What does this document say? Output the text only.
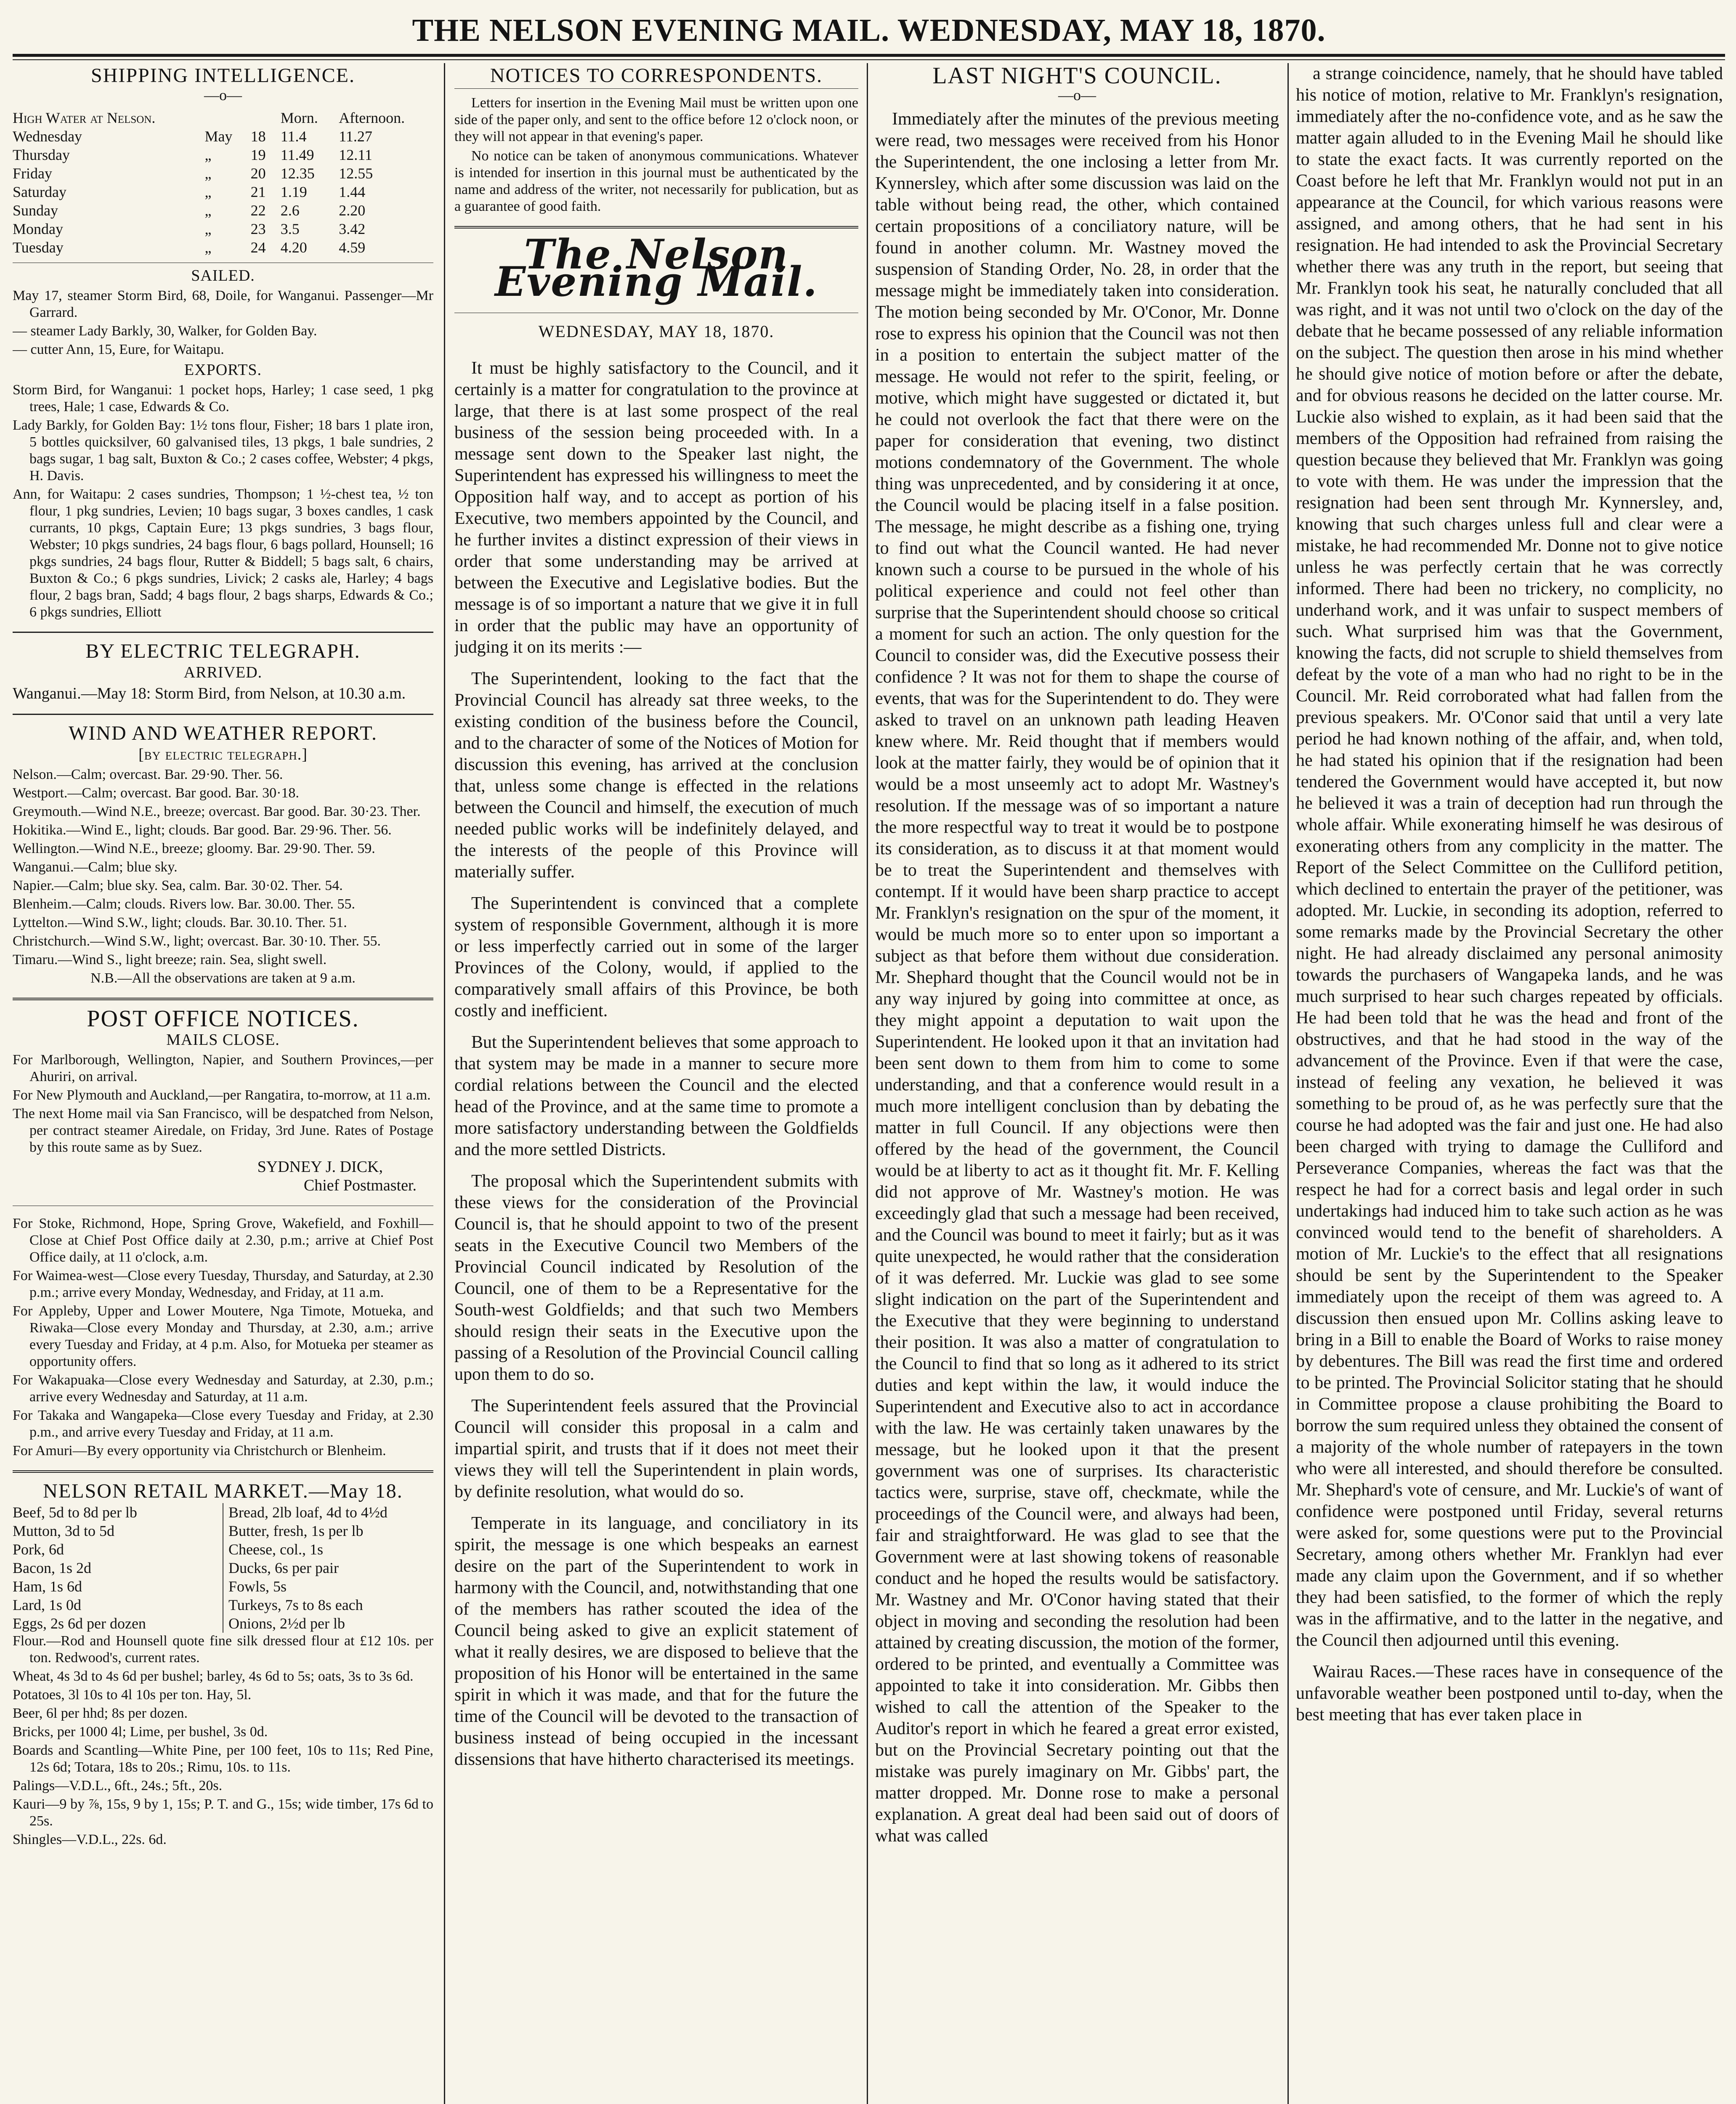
THE NELSON EVENING MAIL. WEDNESDAY, MAY 18, 1870.
SHIPPING INTELLIGENCE.
—o—
High Water at Nelson.			Morn.	Afternoon.
Wednesday	May	18	11.4	11.27
Thursday	„	19	11.49	12.11
Friday	„	20	12.35	12.55
Saturday	„	21	1.19	1.44
Sunday	„	22	2.6	2.20
Monday	„	23	3.5	3.42
Tuesday	„	24	4.20	4.59
SAILED.
May 17, steamer Storm Bird, 68, Doile, for Wanganui. Passenger—Mr Garrard.
— steamer Lady Barkly, 30, Walker, for Golden Bay.
— cutter Ann, 15, Eure, for Waitapu.
EXPORTS.
Storm Bird, for Wanganui: 1 pocket hops, Harley; 1 case seed, 1 pkg trees, Hale; 1 case, Edwards & Co.
Lady Barkly, for Golden Bay: 1½ tons flour, Fisher; 18 bars 1 plate iron, 5 bottles quicksilver, 60 galvanised tiles, 13 pkgs, 1 bale sundries, 2 bags sugar, 1 bag salt, Buxton & Co.; 2 cases coffee, Webster; 4 pkgs, H. Davis.
Ann, for Waitapu: 2 cases sundries, Thompson; 1 ½-chest tea, ½ ton flour, 1 pkg sundries, Levien; 10 bags sugar, 3 boxes candles, 1 cask currants, 10 pkgs, Captain Eure; 13 pkgs sundries, 3 bags flour, Webster; 10 pkgs sundries, 24 bags flour, 6 bags pollard, Hounsell; 16 pkgs sundries, 24 bags flour, Rutter & Biddell; 5 bags salt, 6 chairs, Buxton & Co.; 6 pkgs sundries, Livick; 2 casks ale, Harley; 4 bags flour, 2 bags bran, Sadd; 4 bags flour, 2 bags sharps, Edwards & Co.; 6 pkgs sundries, Elliott
BY ELECTRIC TELEGRAPH.
ARRIVED.
Wanganui.—May 18: Storm Bird, from Nelson, at 10.30 a.m.
WIND AND WEATHER REPORT.
[by electric telegraph.]
Nelson.—Calm; overcast. Bar. 29·90. Ther. 56.
Westport.—Calm; overcast. Bar good. Bar. 30·18.
Greymouth.—Wind N.E., breeze; overcast. Bar good. Bar. 30·23. Ther.
Hokitika.—Wind E., light; clouds. Bar good. Bar. 29·96. Ther. 56.
Wellington.—Wind N.E., breeze; gloomy. Bar. 29·90. Ther. 59.
Wanganui.—Calm; blue sky.
Napier.—Calm; blue sky. Sea, calm. Bar. 30·02. Ther. 54.
Blenheim.—Calm; clouds. Rivers low. Bar. 30.00. Ther. 55.
Lyttelton.—Wind S.W., light; clouds. Bar. 30.10. Ther. 51.
Christchurch.—Wind S.W., light; overcast. Bar. 30·10. Ther. 55.
Timaru.—Wind S., light breeze; rain. Sea, slight swell.
N.B.—All the observations are taken at 9 a.m.
POST OFFICE NOTICES.
MAILS CLOSE.
For Marlborough, Wellington, Napier, and Southern Provinces,—per Ahuriri, on arrival.
For New Plymouth and Auckland,—per Rangatira, to-morrow, at 11 a.m.
The next Home mail via San Francisco, will be despatched from Nelson, per contract steamer Airedale, on Friday, 3rd June. Rates of Postage by this route same as by Suez.
SYDNEY J. DICK,
Chief Postmaster.
For Stoke, Richmond, Hope, Spring Grove, Wakefield, and Foxhill—Close at Chief Post Office daily at 2.30, p.m.; arrive at Chief Post Office daily, at 11 o'clock, a.m.
For Waimea-west—Close every Tuesday, Thursday, and Saturday, at 2.30 p.m.; arrive every Monday, Wednesday, and Friday, at 11 a.m.
For Appleby, Upper and Lower Moutere, Nga Timote, Motueka, and Riwaka—Close every Monday and Thursday, at 2.30, a.m.; arrive every Tuesday and Friday, at 4 p.m. Also, for Motueka per steamer as opportunity offers.
For Wakapuaka—Close every Wednesday and Saturday, at 2.30, p.m.; arrive every Wednesday and Saturday, at 11 a.m.
For Takaka and Wangapeka—Close every Tuesday and Friday, at 2.30 p.m., and arrive every Tuesday and Friday, at 11 a.m.
For Amuri—By every opportunity via Christchurch or Blenheim.
NELSON RETAIL MARKET.—May 18.
Beef, 5d to 8d per lb	Bread, 2lb loaf, 4d to 4½d
Mutton, 3d to 5d	Butter, fresh, 1s per lb
Pork, 6d	Cheese, col., 1s
Bacon, 1s 2d	Ducks, 6s per pair
Ham, 1s 6d	Fowls, 5s
Lard, 1s 0d	Turkeys, 7s to 8s each
Eggs, 2s 6d per dozen	Onions, 2½d per lb
Flour.—Rod and Hounsell quote fine silk dressed flour at £12 10s. per ton. Redwood's, current rates.
Wheat, 4s 3d to 4s 6d per bushel; barley, 4s 6d to 5s; oats, 3s to 3s 6d.
Potatoes, 3l 10s to 4l 10s per ton. Hay, 5l.
Beer, 6l per hhd; 8s per dozen.
Bricks, per 1000 4l; Lime, per bushel, 3s 0d.
Boards and Scantling—White Pine, per 100 feet, 10s to 11s; Red Pine, 12s 6d; Totara, 18s to 20s.; Rimu, 10s. to 11s.
Palings—V.D.L., 6ft., 24s.; 5ft., 20s.
Kauri—9 by ⅞, 15s, 9 by 1, 15s; P. T. and G., 15s; wide timber, 17s 6d to 25s.
Shingles—V.D.L., 22s. 6d.
NOTICES TO CORRESPONDENTS.
Letters for insertion in the Evening Mail must be written upon one side of the paper only, and sent to the office before 12 o'clock noon, or they will not appear in that evening's paper.
No notice can be taken of anonymous communications. Whatever is intended for insertion in this journal must be authenticated by the name and address of the writer, not necessarily for publication, but as a guarantee of good faith.
The Nelson Evening Mail.
WEDNESDAY, MAY 18, 1870.
It must be highly satisfactory to the Council, and it certainly is a matter for congratulation to the province at large, that there is at last some prospect of the real business of the session being proceeded with. In a message sent down to the Speaker last night, the Superintendent has expressed his willingness to meet the Opposition half way, and to accept as portion of his Executive, two members appointed by the Council, and he further invites a distinct expression of their views in order that some understanding may be arrived at between the Executive and Legislative bodies. But the message is of so important a nature that we give it in full in order that the public may have an opportunity of judging it on its merits :—
The Superintendent, looking to the fact that the Provincial Council has already sat three weeks, to the existing condition of the business before the Council, and to the character of some of the Notices of Motion for discussion this evening, has arrived at the conclusion that, unless some change is effected in the relations between the Council and himself, the execution of much needed public works will be indefinitely delayed, and the interests of the people of this Province will materially suffer.
The Superintendent is convinced that a complete system of responsible Government, although it is more or less imperfectly carried out in some of the larger Provinces of the Colony, would, if applied to the comparatively small affairs of this Province, be both costly and inefficient.
But the Superintendent believes that some approach to that system may be made in a manner to secure more cordial relations between the Council and the elected head of the Province, and at the same time to promote a more satisfactory understanding between the Goldfields and the more settled Districts.
The proposal which the Superintendent submits with these views for the consideration of the Provincial Council is, that he should appoint to two of the present seats in the Executive Council two Members of the Provincial Council indicated by Resolution of the Council, one of them to be a Representative for the South-west Goldfields; and that such two Members should resign their seats in the Executive upon the passing of a Resolution of the Provincial Council calling upon them to do so.
The Superintendent feels assured that the Provincial Council will consider this proposal in a calm and impartial spirit, and trusts that if it does not meet their views they will tell the Superintendent in plain words, by definite resolution, what would do so.
Temperate in its language, and conciliatory in its spirit, the message is one which bespeaks an earnest desire on the part of the Superintendent to work in harmony with the Council, and, notwithstanding that one of the members has rather scouted the idea of the Council being asked to give an explicit statement of what it really desires, we are disposed to believe that the proposition of his Honor will be entertained in the same spirit in which it was made, and that for the future the time of the Council will be devoted to the transaction of business instead of being occupied in the incessant dissensions that have hitherto characterised its meetings.
LAST NIGHT'S COUNCIL.
—o—
Immediately after the minutes of the previous meeting were read, two messages were received from his Honor the Superintendent, the one inclosing a letter from Mr. Kynnersley, which after some discussion was laid on the table without being read, the other, which contained certain propositions of a conciliatory nature, will be found in another column. Mr. Wastney moved the suspension of Standing Order, No. 28, in order that the message might be immediately taken into consideration. The motion being seconded by Mr. O'Conor, Mr. Donne rose to express his opinion that the Council was not then in a position to entertain the subject matter of the message. He would not refer to the spirit, feeling, or motive, which might have suggested or dictated it, but he could not overlook the fact that there were on the paper for consideration that evening, two distinct motions condemnatory of the Government. The whole thing was unprecedented, and by considering it at once, the Council would be placing itself in a false position. The message, he might describe as a fishing one, trying to find out what the Council wanted. He had never known such a course to be pursued in the whole of his political experience and could not feel other than surprise that the Superintendent should choose so critical a moment for such an action. The only question for the Council to consider was, did the Executive possess their confidence ? It was not for them to shape the course of events, that was for the Superintendent to do. They were asked to travel on an unknown path leading Heaven knew where. Mr. Reid thought that if members would look at the matter fairly, they would be of opinion that it would be a most unseemly act to adopt Mr. Wastney's resolution. If the message was of so important a nature the more respectful way to treat it would be to postpone its consideration, as to discuss it at that moment would be to treat the Superintendent and themselves with contempt. If it would have been sharp practice to accept Mr. Franklyn's resignation on the spur of the moment, it would be much more so to enter upon so important a subject as that before them without due consideration. Mr. Shephard thought that the Council would not be in any way injured by going into committee at once, as they might appoint a deputation to wait upon the Superintendent. He looked upon it that an invitation had been sent down to them from him to come to some understanding, and that a conference would result in a much more intelligent conclusion than by debating the matter in full Council. If any objections were then offered by the head of the government, the Council would be at liberty to act as it thought fit. Mr. F. Kelling did not approve of Mr. Wastney's motion. He was exceedingly glad that such a message had been received, and the Council was bound to meet it fairly; but as it was quite unexpected, he would rather that the consideration of it was deferred. Mr. Luckie was glad to see some slight indication on the part of the Superintendent and the Executive that they were beginning to understand their position. It was also a matter of congratulation to the Council to find that so long as it adhered to its strict duties and kept within the law, it would induce the Superintendent and Executive also to act in accordance with the law. He was certainly taken unawares by the message, but he looked upon it that the present government was one of surprises. Its characteristic tactics were, surprise, stave off, checkmate, while the proceedings of the Council were, and always had been, fair and straightforward. He was glad to see that the Government were at last showing tokens of reasonable conduct and he hoped the results would be satisfactory. Mr. Wastney and Mr. O'Conor having stated that their object in moving and seconding the resolution had been attained by creating discussion, the motion of the former, ordered to be printed, and eventually a Committee was appointed to take it into consideration. Mr. Gibbs then wished to call the attention of the Speaker to the Auditor's report in which he feared a great error existed, but on the Provincial Secretary pointing out that the mistake was purely imaginary on Mr. Gibbs' part, the matter dropped. Mr. Donne rose to make a personal explanation. A great deal had been said out of doors of what was called
a strange coincidence, namely, that he should have tabled his notice of motion, relative to Mr. Franklyn's resignation, immediately after the no-confidence vote, and as he saw the matter again alluded to in the Evening Mail he should like to state the exact facts. It was currently reported on the Coast before he left that Mr. Franklyn would not put in an appearance at the Council, for which various reasons were assigned, and among others, that he had sent in his resignation. He had intended to ask the Provincial Secretary whether there was any truth in the report, but seeing that Mr. Franklyn took his seat, he naturally concluded that all was right, and it was not until two o'clock on the day of the debate that he became possessed of any reliable information on the subject. The question then arose in his mind whether he should give notice of motion before or after the debate, and for obvious reasons he decided on the latter course. Mr. Luckie also wished to explain, as it had been said that the members of the Opposition had refrained from raising the question because they believed that Mr. Franklyn was going to vote with them. He was under the impression that the resignation had been sent through Mr. Kynnersley, and, knowing that such charges unless full and clear were a mistake, he had recommended Mr. Donne not to give notice unless he was perfectly certain that he was correctly informed. There had been no trickery, no complicity, no underhand work, and it was unfair to suspect members of such. What surprised him was that the Government, knowing the facts, did not scruple to shield themselves from defeat by the vote of a man who had no right to be in the Council. Mr. Reid corroborated what had fallen from the previous speakers. Mr. O'Conor said that until a very late period he had known nothing of the affair, and, when told, he had stated his opinion that if the resignation had been tendered the Government would have accepted it, but now he believed it was a train of deception had run through the whole affair. While exonerating himself he was desirous of exonerating others from any complicity in the matter. The Report of the Select Committee on the Culliford petition, which declined to entertain the prayer of the petitioner, was adopted. Mr. Luckie, in seconding its adoption, referred to some remarks made by the Provincial Secretary the other night. He had already disclaimed any personal animosity towards the purchasers of Wangapeka lands, and he was much surprised to hear such charges repeated by officials. He had been told that he was the head and front of the obstructives, and that he had stood in the way of the advancement of the Province. Even if that were the case, instead of feeling any vexation, he believed it was something to be proud of, as he was perfectly sure that the course he had adopted was the fair and just one. He had also been charged with trying to damage the Culliford and Perseverance Companies, whereas the fact was that the respect he had for a correct basis and legal order in such undertakings had induced him to take such action as he was convinced would tend to the benefit of shareholders. A motion of Mr. Luckie's to the effect that all resignations should be sent by the Superintendent to the Speaker immediately upon the receipt of them was agreed to. A discussion then ensued upon Mr. Collins asking leave to bring in a Bill to enable the Board of Works to raise money by debentures. The Bill was read the first time and ordered to be printed. The Provincial Solicitor stating that he should in Committee propose a clause prohibiting the Board to borrow the sum required unless they obtained the consent of a majority of the whole number of ratepayers in the town who were all interested, and should therefore be consulted. Mr. Shephard's vote of censure, and Mr. Luckie's of want of confidence were postponed until Friday, several returns were asked for, some questions were put to the Provincial Secretary, among others whether Mr. Franklyn had ever made any claim upon the Government, and if so whether they had been satisfied, to the former of which the reply was in the affirmative, and to the latter in the negative, and the Council then adjourned until this evening.
Wairau Races.—These races have in consequence of the unfavorable weather been postponed until to-day, when the best meeting that has ever taken place in
